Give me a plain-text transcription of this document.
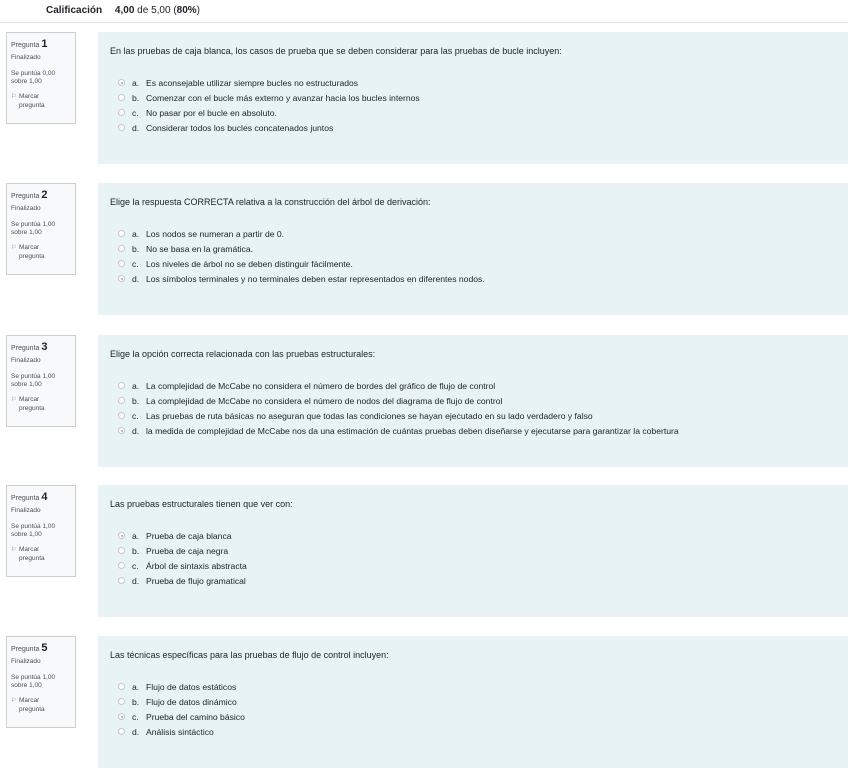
Calificación 4,00 de 5,00 (80%)
Pregunta 1
Finalizado
Se puntúa 0,00
sobre 1,00
⚐ Marcar
pregunta
En las pruebas de caja blanca, los casos de prueba que se deben considerar para las pruebas de bucle incluyen:
a. Es aconsejable utilizar siempre bucles no estructurados
b. Comenzar con el bucle más externo y avanzar hacia los bucles internos
c. No pasar por el bucle en absoluto.
d. Considerar todos los bucles concatenados juntos
Pregunta 2
Finalizado
Se puntúa 1,00
sobre 1,00
⚐ Marcar
pregunta
Elige la respuesta CORRECTA relativa a la construcción del árbol de derivación:
a. Los nodos se numeran a partir de 0.
b. No se basa en la gramática.
c. Los niveles de árbol no se deben distinguir fácilmente.
d. Los símbolos terminales y no terminales deben estar representados en diferentes nodos.
Pregunta 3
Finalizado
Se puntúa 1,00
sobre 1,00
⚐ Marcar
pregunta
Elige la opción correcta relacionada con las pruebas estructurales:
a. La complejidad de McCabe no considera el número de bordes del gráfico de flujo de control
b. La complejidad de McCabe no considera el número de nodos del diagrama de flujo de control
c. Las pruebas de ruta básicas no aseguran que todas las condiciones se hayan ejecutado en su lado verdadero y falso
d. la medida de complejidad de McCabe nos da una estimación de cuántas pruebas deben diseñarse y ejecutarse para garantizar la cobertura
Pregunta 4
Finalizado
Se puntúa 1,00
sobre 1,00
⚐ Marcar
pregunta
Las pruebas estructurales tienen que ver con:
a. Prueba de caja blanca
b. Prueba de caja negra
c. Árbol de sintaxis abstracta
d. Prueba de flujo gramatical
Pregunta 5
Finalizado
Se puntúa 1,00
sobre 1,00
⚐ Marcar
pregunta
Las técnicas específicas para las pruebas de flujo de control incluyen:
a. Flujo de datos estáticos
b. Flujo de datos dinámico
c. Prueba del camino básico
d. Análisis sintáctico
